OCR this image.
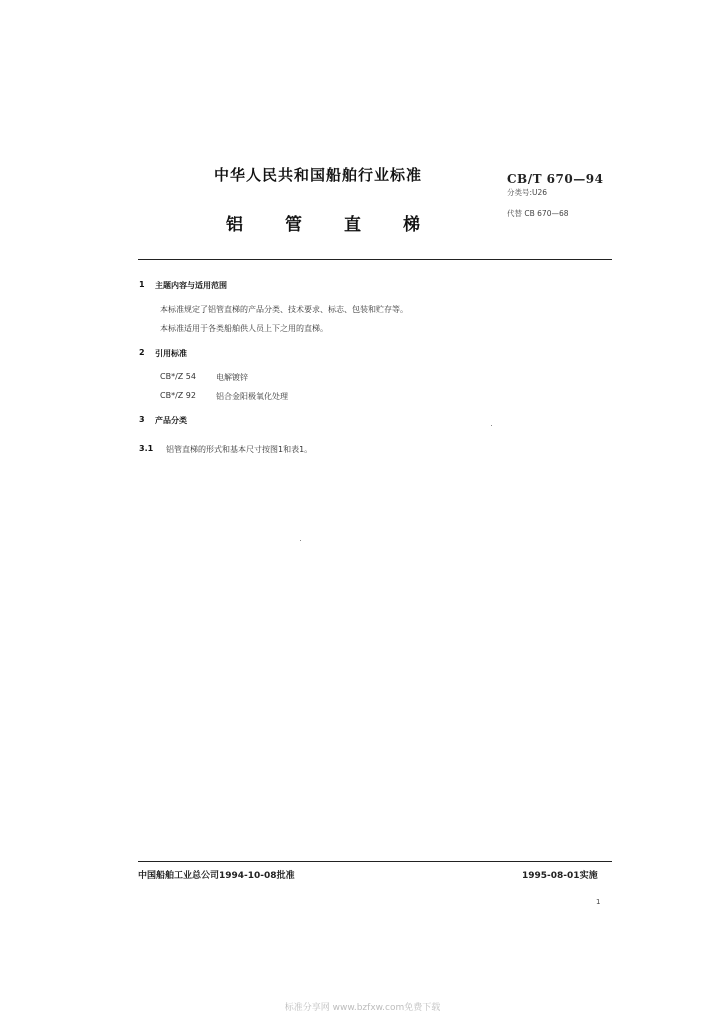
中华人民共和国船舶行业标准
铝 管 直 梯
CB/T 670—94
分类号:U26
代替 CB 670—68
1 主题内容与适用范围
本标准规定了铝管直梯的产品分类、技术要求、标志、包装和贮存等。
本标准适用于各类船舶供人员上下之用的直梯。
2 引用标准
CB*/Z 54	电解镀锌
CB*/Z 92	铝合金阳极氧化处理
3 产品分类
3.1 铝管直梯的形式和基本尺寸按图1和表1。
中国船舶工业总公司1994-10-08批准	1995-08-01实施
1
标准分享网 www.bzfxw.com免费下载
